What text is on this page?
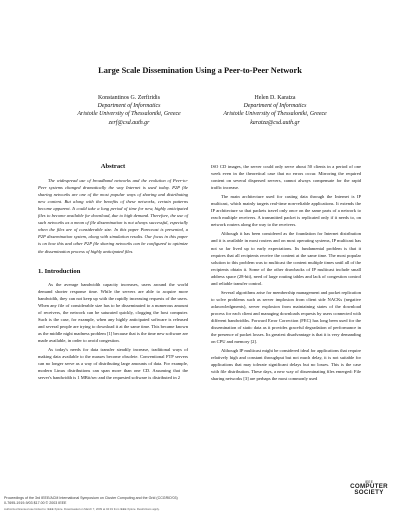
Large Scale Dissemination Using a Peer-to-Peer Network
Konstantinos G. Zerfiridis
Department of Informatics
Aristotle University of Thessaloniki, Greece
zerf@csd.auth.gr
Helen D. Karatza
Department of Informatics
Aristotle University of Thessaloniki, Greece
karatza@csd.auth.gr
Abstract

The widespread use of broadband networks and the evolution of Peer-to-Peer systems changed dramatically the way Internet is used today. P2P file sharing networks are one of the most popular ways of sharing and distributing new content. But along with the benefits of these networks, certain patterns become apparent. It could take a long period of time for new, highly anticipated files to become available for download, due to high demand. Therefore, the use of such networks as a mean of file dissemination is not always successful, especially when the files are of considerable size. In this paper Pareceast is presented, a P2P dissemination system, along with simulation results. Our focus in this paper is on how this and other P2P file sharing networks can be configured to optimize the dissemination process of highly anticipated files.

1. Introduction

As the average bandwidth capacity increases, users around the world demand shorter response time. While the servers are able to acquire more bandwidth, they can not keep up with the rapidly increasing requests of the users. When any file of considerable size has to be disseminated to a numerous amount of receivers, the network can be saturated quickly, clogging the host computer. Such is the case, for example, when any highly anticipated software is released and several people are trying to download it at the same time. This became known as the middle night madness problem [1] because that is the time new software are made available, in order to avoid congestion.

As today's needs for data transfer steadily increase, traditional ways of making data available to the masses become obsolete. Conventional FTP servers can no longer serve as a way of distributing large amounts of data. For example, modern Linux distributions can span more than one CD. Assuming that the server's bandwidth is 1 MBit/sec and the requested software is distributed in 2

ISO CD images, the server could only serve about 50 clients in a period of one week even in the theoretical case that no errors occur. Mirroring the required content on several dispersed servers, cannot always compensate for the rapid traffic increase.

The main architecture used for casting data through the Internet is IP multicast, which mainly targets real-time non-reliable applications. It extends the IP architecture so that packets travel only once on the same parts of a network to reach multiple receivers. A transmitted packet is replicated only if it needs to, on network routers along the way to the receivers.

Although it has been considered as the foundation for Internet distribution and it is available in most routers and on most operating systems, IP multicast has not so far lived up to early expectations. Its fundamental problem is that it requires that all recipients receive the content at the same time. The most popular solution to this problem was to multicast the content multiple times until all of the recipients obtain it. Some of the other drawbacks of IP multicast include small address space (28-bit), need of large routing tables and lack of congestion control and reliable transfer control.

Several algorithms arise for membership management and packet replication to solve problems such as server implosion from client side NACKs (negative acknowledgments), server explosion from maintaining states of the download process for each client and managing downloads requests by users connected with different bandwidths. Forward Error Correction (FEC) has long been used for the dissemination of static data as it provides graceful degradation of performance in the presence of packet losses. Its greatest disadvantage is that it is very demanding on CPU and memory [2].

Although IP multicast might be considered ideal for applications that require relatively high and constant throughput but not much delay, it is not suitable for applications that may tolerate significant delays but no losses. This is the case with file distribution. These days, a new way of disseminating files emerged: File sharing networks [3] are perhaps the most commonly used

Proceedings of the 3rd IEEE/ACM International Symposium on Cluster Computing and the Grid (CCGRID'03)
0-7695-1919-9/03 $17.00 © 2003 IEEE
Authorized licensed use limited to: IEEE Xplore. Downloaded on March 7, 2009 at 04:19 from IEEE Xplore. Restrictions apply.
IEEE
COMPUTER
SOCIETY
